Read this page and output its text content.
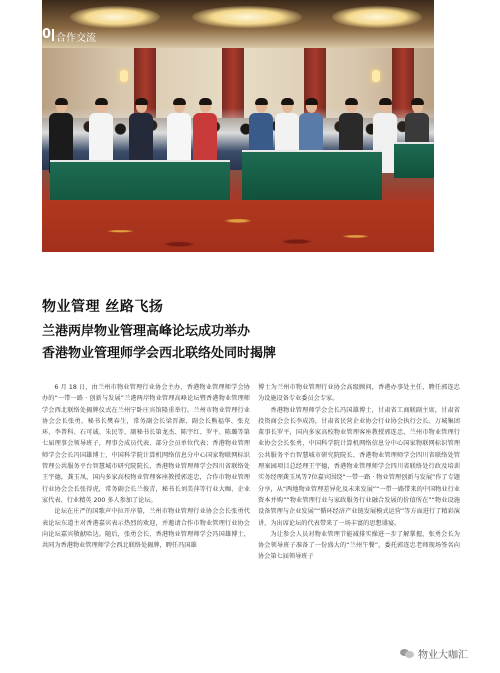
50 合作交流
物业管理 丝路飞扬
兰港两岸物业管理高峰论坛成功举办
香港物业管理师学会西北联络处同时揭牌

6 月 18 日，由兰州市物业管理行业协会主办、香港物业管理师学会协办的“一带一路 · 创新与发展”兰港两岸物业管理高峰论坛暨香港物业管理师学会西北联络处揭牌仪式在兰州宁卧庄宾馆隆重举行。兰州市物业管理行业协会会长张勇，秘书长樊春生，常务副会长梁晋源，副会长熊福华、张克环、李普科、石可诚、朱民等，副秘书长第龙杰、陈宇红、罗平、陈璐等第七届理事会领导班子，理事会成员代表、部分会员单位代表；香港物业管理师学会会长冯国雄博士，中国科学院计算机网络信息分中心国家物联网标识管理公共服务平台智慧城市研究院院长、香港物业管理师学会四川省联络处王宇德，龚玉凤，国内多家高校物业管理客座教授郭连忠，合作市物业管理行业协会会长张得虎，常务副会长兰俊青，秘书长刘美萍等行业大咖、企业家代表、行业精英 200 多人参加了论坛。

论坛在庄严的国歌声中拉开序幕，兰州市物业管理行业协会会长张勇代表论坛东道主对香港嘉宾表示热烈的欢迎，并邀请合作市物业管理行业协会向论坛嘉宾敬献哈达。随后，张勇会长、香港物业管理师学会冯国雄博士，共同为香港物业管理师学会西北联络处揭牌，聘任冯国雄

博士为兰州市物业管理行业协会高级顾问，香港办事处主任，聘任郭连忠为设施设备专业委员会专家。

香港物业管理师学会会长冯国雄博士，甘肃省工商联副主席，甘肃省投资商会会长李成涛，甘肃省民营企业协会行业协会执行会长、万城集团董事长罗平，国内多家高校物业管理客座教授郭连忠，兰州市物业管理行业协会会长张勇，中国科学院计算机网络信息分中心国家物联网标识管理公共服务平台智慧城市研究院院长、香港物业管理师学会四川省联络处管理案园项目总经理王宇德，香港物业管理师学会四川省联络处行政及培训实务经理龚玉凤等7位嘉宾围绕“一带一路 · 物业管理创新与发展”作了专题分享，从“两地物业管理差异化及未来发展”“一带一路带来的中国物业行业资本并购”“物业管理行业与家政服务行业融合发展的价值所在”“物业设施设备管理与企业发展”“循环经济产业链发展模式运营”等方面进行了精彩演讲，为出席论坛的代表带来了一场丰富的思想盛宴。

为让参会人员对物业管理节能减排实操进一步了解掌握，张勇会长为协会领导班子准备了一份盛大的“兰州午餐”，委托郭连忠老师现场签名向协会第七届领导班子

物业大咖汇
